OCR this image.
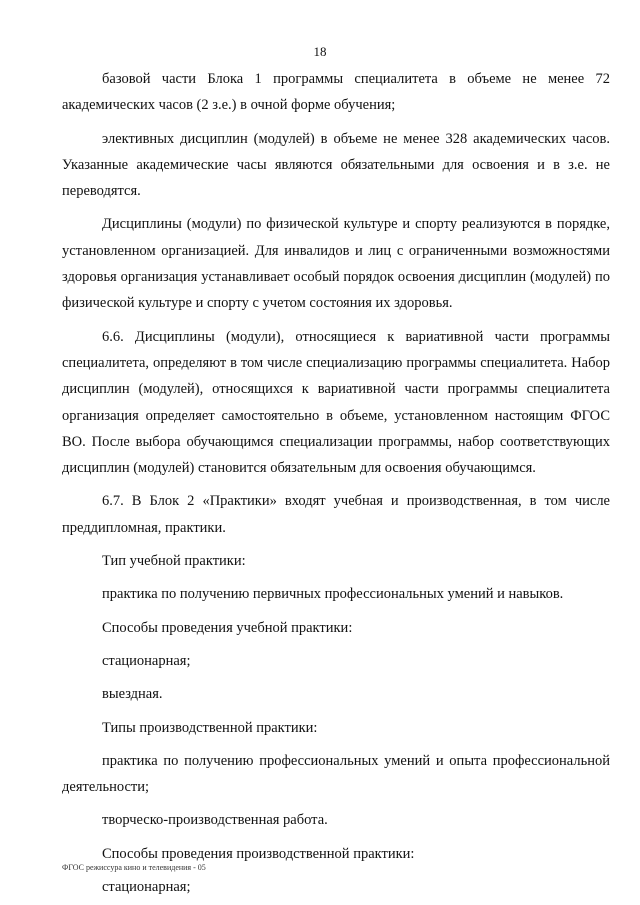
18

базовой части Блока 1 программы специалитета в объеме не менее 72 академических часов (2 з.е.) в очной форме обучения;

элективных дисциплин (модулей) в объеме не менее 328 академических часов. Указанные академические часы являются обязательными для освоения и в з.е. не переводятся.

Дисциплины (модули) по физической культуре и спорту реализуются в порядке, установленном организацией. Для инвалидов и лиц с ограниченными возможностями здоровья организация устанавливает особый порядок освоения дисциплин (модулей) по физической культуре и спорту с учетом состояния их здоровья.

6.6. Дисциплины (модули), относящиеся к вариативной части программы специалитета, определяют в том числе специализацию программы специалитета. Набор дисциплин (модулей), относящихся к вариативной части программы специалитета организация определяет самостоятельно в объеме, установленном настоящим ФГОС ВО. После выбора обучающимся специализации программы, набор соответствующих дисциплин (модулей) становится обязательным для освоения обучающимся.

6.7. В Блок 2 «Практики» входят учебная и производственная, в том числе преддипломная, практики.

Тип учебной практики:

практика по получению первичных профессиональных умений и навыков.

Способы проведения учебной практики:

стационарная;

выездная.

Типы производственной практики:

практика по получению профессиональных умений и опыта профессиональной деятельности;

творческо-производственная работа.

Способы проведения производственной практики:

стационарная;

ФГОС режиссура кино и телевидения - 05
